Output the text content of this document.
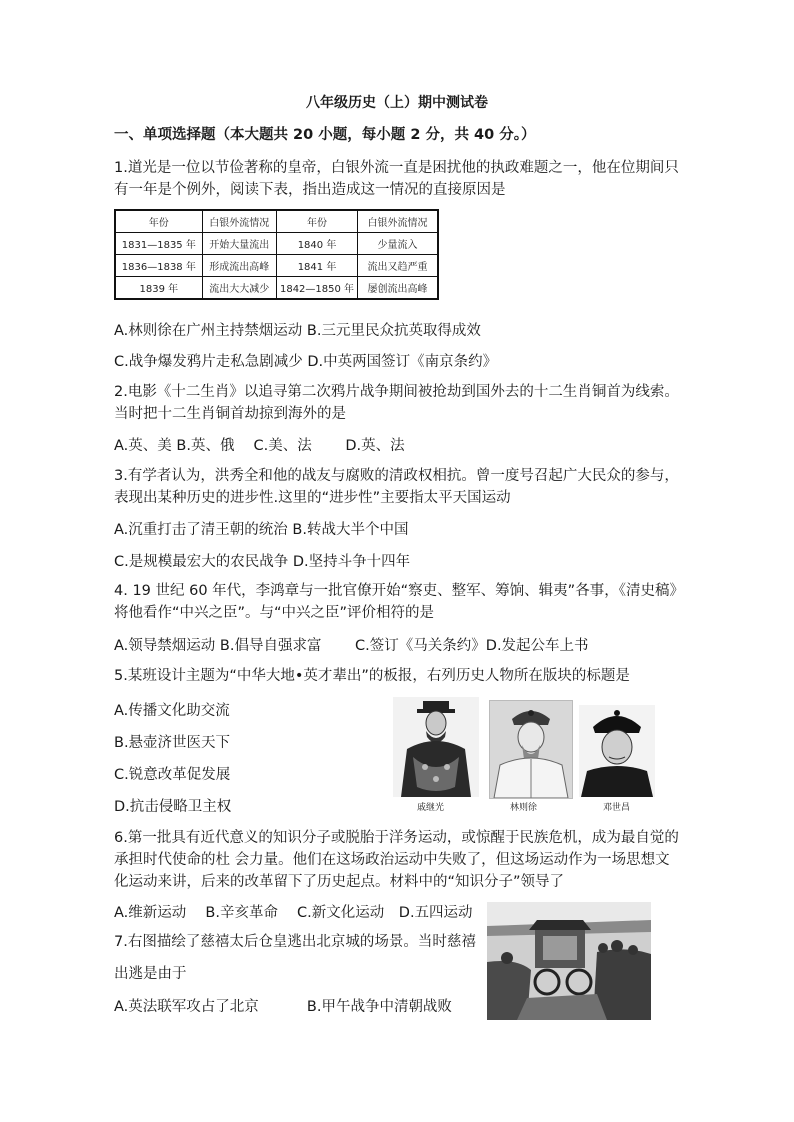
八年级历史（上）期中测试卷
一、单项选择题（本大题共 20 小题，每小题 2 分，共 40 分。）
1.道光是一位以节俭著称的皇帝，白银外流一直是困扰他的执政难题之一，他在位期间只
有一年是个例外，阅读下表，指出造成这一情况的直接原因是
年份	白银外流情况	年份	白银外流情况
1831—1835 年	开始大量流出	1840 年	少量流入
1836—1838 年	形成流出高峰	1841 年	流出又趋严重
1839 年	流出大大减少	1842—1850 年	屡创流出高峰
A.林则徐在广州主持禁烟运动 B.三元里民众抗英取得成效
C.战争爆发鸦片走私急剧减少 D.中英两国签订《南京条约》
2.电影《十二生肖》以追寻第二次鸦片战争期间被抢劫到国外去的十二生肖铜首为线索。
当时把十二生肖铜首劫掠到海外的是
A.英、美 B.英、俄　 C.美、法　　 D.英、法
3.有学者认为，洪秀全和他的战友与腐败的清政权相抗。曾一度号召起广大民众的参与，
表现出某种历史的进步性.这里的“进步性”主要指太平天国运动
A.沉重打击了清王朝的统治 B.转战大半个中国
C.是规模最宏大的农民战争 D.坚持斗争十四年
4. 19 世纪 60 年代，李鸿章与一批官僚开始“察吏、整军、筹饷、辑夷”各事，《清史稿》
将他看作“中兴之臣”。与“中兴之臣”评价相符的是
A.领导禁烟运动 B.倡导自强求富　　 C.签订《马关条约》D.发起公车上书
5.某班设计主题为“中华大地•英才辈出”的板报，右列历史人物所在版块的标题是
A.传播文化助交流
B.悬壶济世医天下
C.锐意改革促发展
D.抗击侵略卫主权	戚继光	林则徐	邓世昌
6.第一批具有近代意义的知识分子或脱胎于洋务运动，或惊醒于民族危机，成为最自觉的
承担时代使命的杜 会力量。他们在这场政治运动中失败了，但这场运动作为一场思想文
化运动来讲，后来的改革留下了历史起点。材料中的“知识分子”领导了
A.维新运动　 B.辛亥革命　 C.新文化运动　D.五四运动
7.右图描绘了慈禧太后仓皇逃出北京城的场景。当时慈禧
出逃是由于
A.英法联军攻占了北京　　　 B.甲午战争中清朝战败
